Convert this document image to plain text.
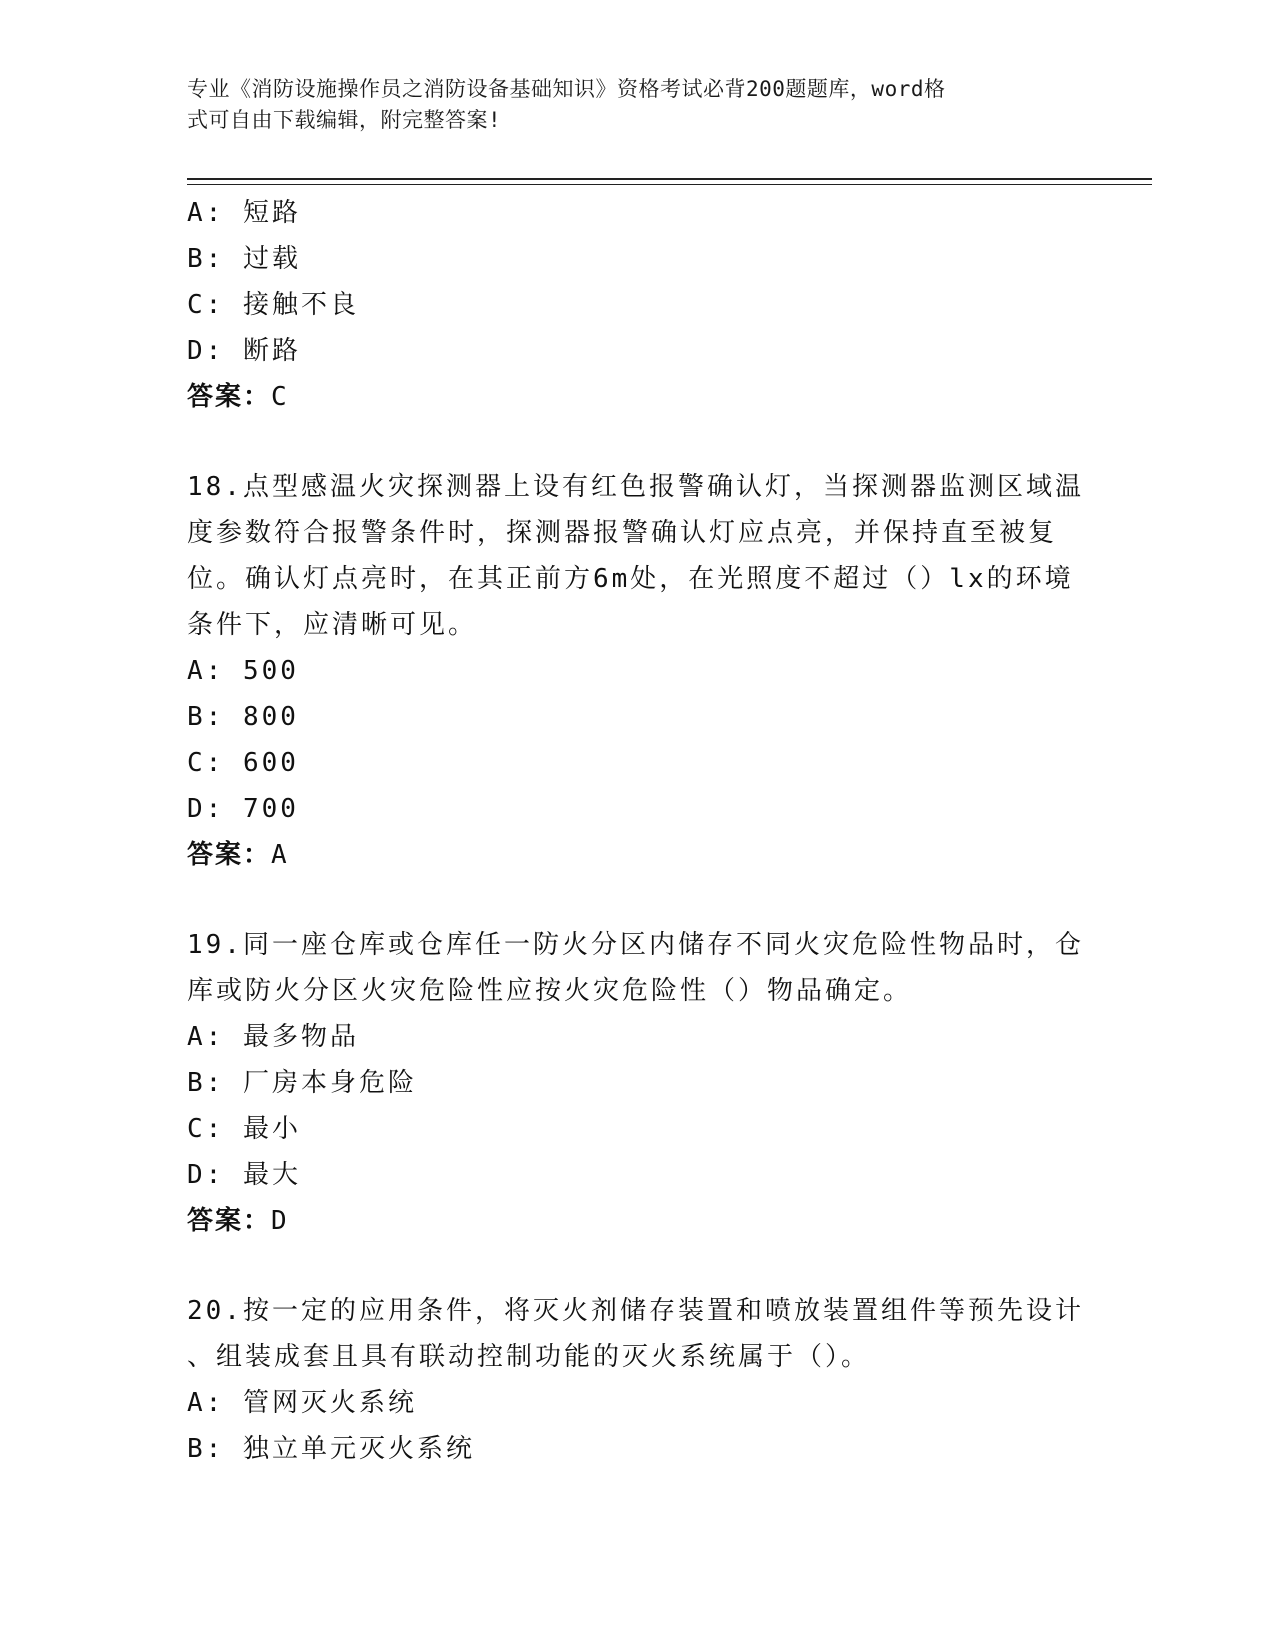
专业《消防设施操作员之消防设备基础知识》资格考试必背200题题库，word格
式可自由下载编辑，附完整答案!
A: 短路
B: 过载
C: 接触不良
D: 断路
答案：C
18.点型感温火灾探测器上设有红色报警确认灯，当探测器监测区域温
度参数符合报警条件时，探测器报警确认灯应点亮，并保持直至被复
位。确认灯点亮时，在其正前方6m处，在光照度不超过（）lx的环境
条件下，应清晰可见。
A: 500
B: 800
C: 600
D: 700
答案：A
19.同一座仓库或仓库任一防火分区内储存不同火灾危险性物品时，仓
库或防火分区火灾危险性应按火灾危险性（）物品确定。
A: 最多物品
B: 厂房本身危险
C: 最小
D: 最大
答案：D
20.按一定的应用条件，将灭火剂储存装置和喷放装置组件等预先设计
、组装成套且具有联动控制功能的灭火系统属于（）。
A: 管网灭火系统
B: 独立单元灭火系统
